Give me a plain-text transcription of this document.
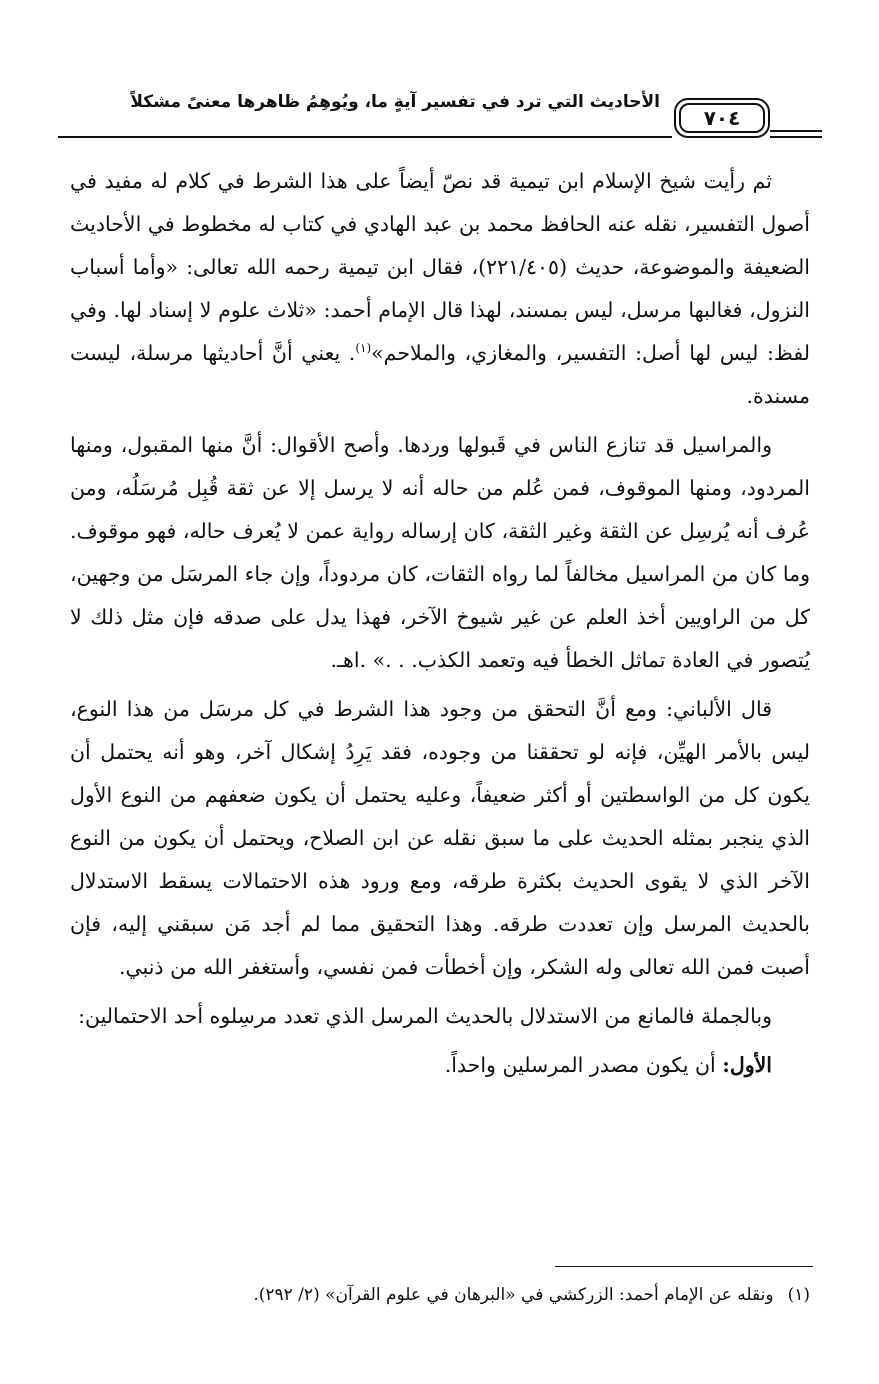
الأحاديث التي ترد في تفسير آيةٍ ما، ويُوهِمُ ظاهرها معنىً مشكلاً
٧٠٤

ثم رأيت شيخ الإسلام ابن تيمية قد نصّ أيضاً على هذا الشرط في كلام له مفيد في أصول التفسير، نقله عنه الحافظ محمد بن عبد الهادي في كتاب له مخطوط في الأحاديث الضعيفة والموضوعة، حديث (٢٢١/٤٠٥)، فقال ابن تيمية رحمه الله تعالى: «وأما أسباب النزول، فغالبها مرسل، ليس بمسند، لهذا قال الإمام أحمد: «ثلاث علوم لا إسناد لها. وفي لفظ: ليس لها أصل: التفسير، والمغازي، والملاحم»$^{(١)}$. يعني أنَّ أحاديثها مرسلة، ليست مسندة.

والمراسيل قد تنازع الناس في قَبولها وردها. وأصح الأقوال: أنَّ منها المقبول، ومنها المردود، ومنها الموقوف، فمن عُلم من حاله أنه لا يرسل إلا عن ثقة قُبِل مُرسَلُه، ومن عُرف أنه يُرسِل عن الثقة وغير الثقة، كان إرساله رواية عمن لا يُعرف حاله، فهو موقوف. وما كان من المراسيل مخالفاً لما رواه الثقات، كان مردوداً، وإن جاء المرسَل من وجهين، كل من الراويين أخذ العلم عن غير شيوخ الآخر، فهذا يدل على صدقه فإن مثل ذلك لا يُتصور في العادة تماثل الخطأ فيه وتعمد الكذب. . .» .اهـ.

قال الألباني: ومع أنَّ التحقق من وجود هذا الشرط في كل مرسَل من هذا النوع، ليس بالأمر الهيِّن، فإنه لو تحققنا من وجوده، فقد يَرِدُ إشكال آخر، وهو أنه يحتمل أن يكون كل من الواسطتين أو أكثر ضعيفاً، وعليه يحتمل أن يكون ضعفهم من النوع الأول الذي ينجبر بمثله الحديث على ما سبق نقله عن ابن الصلاح، ويحتمل أن يكون من النوع الآخر الذي لا يقوى الحديث بكثرة طرقه، ومع ورود هذه الاحتمالات يسقط الاستدلال بالحديث المرسل وإن تعددت طرقه. وهذا التحقيق مما لم أجد مَن سبقني إليه، فإن أصبت فمن الله تعالى وله الشكر، وإن أخطأت فمن نفسي، وأستغفر الله من ذنبي.

وبالجملة فالمانع من الاستدلال بالحديث المرسل الذي تعدد مرسِلوه أحد الاحتمالين:

الأول: أن يكون مصدر المرسلين واحداً.

(١)ونقله عن الإمام أحمد: الزركشي في «البرهان في علوم القرآن» (٢/ ٢٩٢).
